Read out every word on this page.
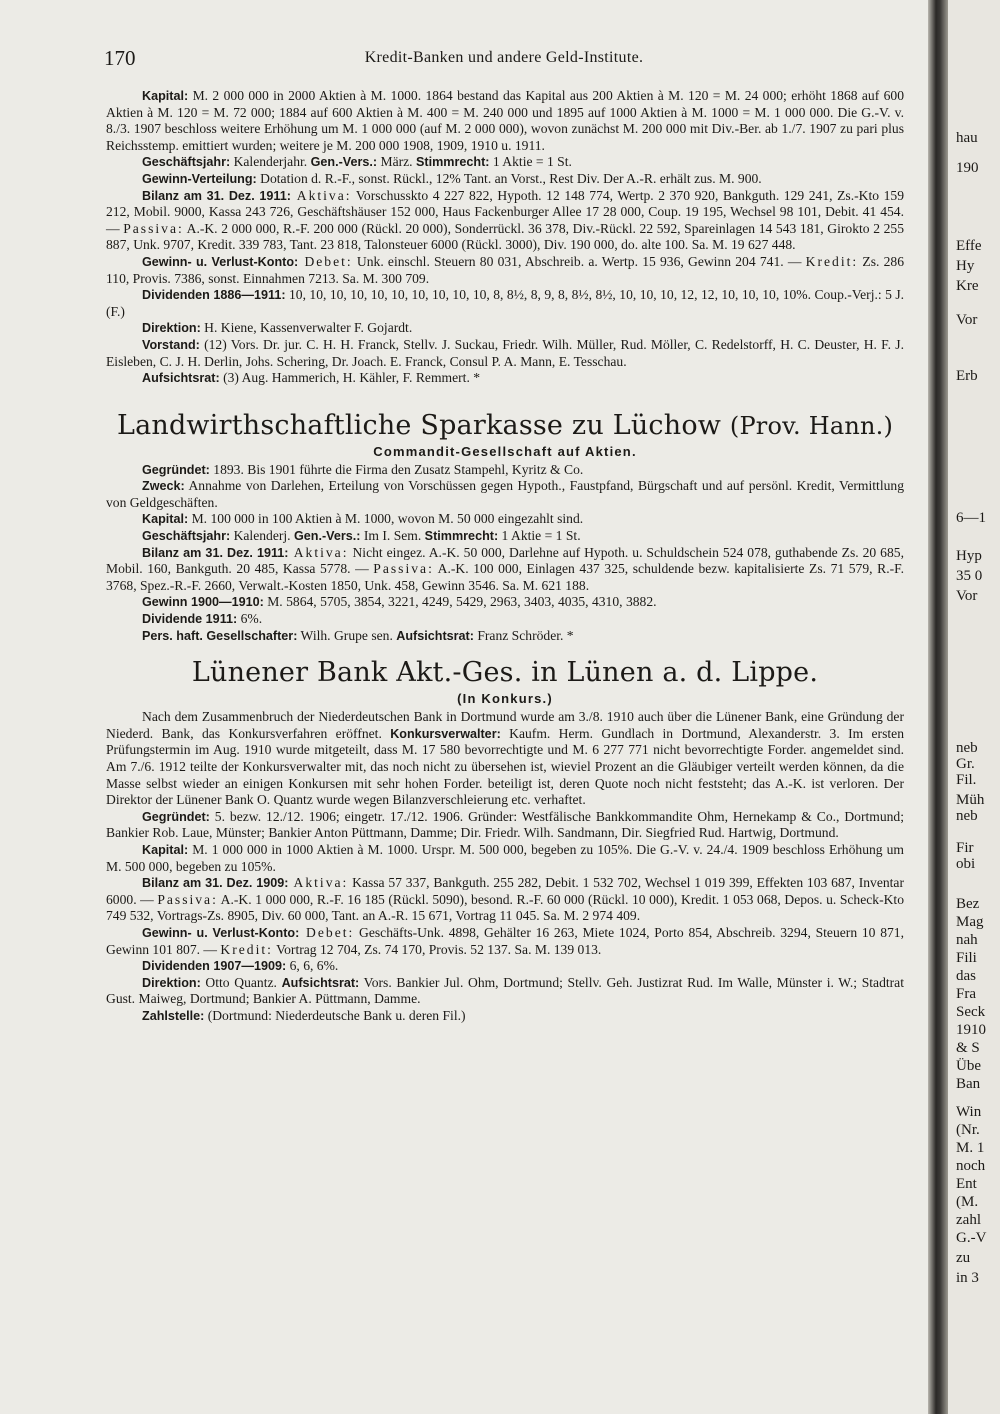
170	Kredit-Banken und andere Geld-Institute.

Kapital: M. 2 000 000 in 2000 Aktien à M. 1000. 1864 bestand das Kapital aus 200 Aktien à M. 120 = M. 24 000; erhöht 1868 auf 600 Aktien à M. 120 = M. 72 000; 1884 auf 600 Aktien à M. 400 = M. 240 000 und 1895 auf 1000 Aktien à M. 1000 = M. 1 000 000. Die G.-V. v. 8./3. 1907 beschloss weitere Erhöhung um M. 1 000 000 (auf M. 2 000 000), wovon zunächst M. 200 000 mit Div.-Ber. ab 1./7. 1907 zu pari plus Reichsstemp. emittiert wurden; weitere je M. 200 000 1908, 1909, 1910 u. 1911.

Geschäftsjahr: Kalenderjahr. Gen.-Vers.: März. Stimmrecht: 1 Aktie = 1 St.

Gewinn-Verteilung: Dotation d. R.-F., sonst. Rückl., 12% Tant. an Vorst., Rest Div. Der A.-R. erhält zus. M. 900.

Bilanz am 31. Dez. 1911: Aktiva: Vorschusskto 4 227 822, Hypoth. 12 148 774, Wertp. 2 370 920, Bankguth. 129 241, Zs.-Kto 159 212, Mobil. 9000, Kassa 243 726, Geschäftshäuser 152 000, Haus Fackenburger Allee 17 28 000, Coup. 19 195, Wechsel 98 101, Debit. 41 454. — Passiva: A.-K. 2 000 000, R.-F. 200 000 (Rückl. 20 000), Sonderrückl. 36 378, Div.-Rückl. 22 592, Spareinlagen 14 543 181, Girokto 2 255 887, Unk. 9707, Kredit. 339 783, Tant. 23 818, Talonsteuer 6000 (Rückl. 3000), Div. 190 000, do. alte 100. Sa. M. 19 627 448.

Gewinn- u. Verlust-Konto: Debet: Unk. einschl. Steuern 80 031, Abschreib. a. Wertp. 15 936, Gewinn 204 741. — Kredit: Zs. 286 110, Provis. 7386, sonst. Einnahmen 7213. Sa. M. 300 709.

Dividenden 1886—1911: 10, 10, 10, 10, 10, 10, 10, 10, 10, 10, 8, 8½, 8, 9, 8, 8½, 8½, 10, 10, 10, 12, 12, 10, 10, 10, 10%. Coup.-Verj.: 5 J. (F.)

Direktion: H. Kiene, Kassenverwalter F. Gojardt.

Vorstand: (12) Vors. Dr. jur. C. H. H. Franck, Stellv. J. Suckau, Friedr. Wilh. Müller, Rud. Möller, C. Redelstorff, H. C. Deuster, H. F. J. Eisleben, C. J. H. Derlin, Johs. Schering, Dr. Joach. E. Franck, Consul P. A. Mann, E. Tesschau.

Aufsichtsrat: (3) Aug. Hammerich, H. Kähler, F. Remmert. *

Landwirthschaftliche Sparkasse zu Lüchow (Prov. Hann.)
Commandit-Gesellschaft auf Aktien.

Gegründet: 1893. Bis 1901 führte die Firma den Zusatz Stampehl, Kyritz & Co.

Zweck: Annahme von Darlehen, Erteilung von Vorschüssen gegen Hypoth., Faustpfand, Bürgschaft und auf persönl. Kredit, Vermittlung von Geldgeschäften.

Kapital: M. 100 000 in 100 Aktien à M. 1000, wovon M. 50 000 eingezahlt sind.

Geschäftsjahr: Kalenderj. Gen.-Vers.: Im I. Sem. Stimmrecht: 1 Aktie = 1 St.

Bilanz am 31. Dez. 1911: Aktiva: Nicht eingez. A.-K. 50 000, Darlehne auf Hypoth. u. Schuldschein 524 078, guthabende Zs. 20 685, Mobil. 160, Bankguth. 20 485, Kassa 5778. — Passiva: A.-K. 100 000, Einlagen 437 325, schuldende bezw. kapitalisierte Zs. 71 579, R.-F. 3768, Spez.-R.-F. 2660, Verwalt.-Kosten 1850, Unk. 458, Gewinn 3546. Sa. M. 621 188.

Gewinn 1900—1910: M. 5864, 5705, 3854, 3221, 4249, 5429, 2963, 3403, 4035, 4310, 3882.

Dividende 1911: 6%.

Pers. haft. Gesellschafter: Wilh. Grupe sen. Aufsichtsrat: Franz Schröder. *

Lünener Bank Akt.-Ges. in Lünen a. d. Lippe.
(In Konkurs.)

Nach dem Zusammenbruch der Niederdeutschen Bank in Dortmund wurde am 3./8. 1910 auch über die Lünener Bank, eine Gründung der Niederd. Bank, das Konkursverfahren eröffnet. Konkursverwalter: Kaufm. Herm. Gundlach in Dortmund, Alexanderstr. 3. Im ersten Prüfungstermin im Aug. 1910 wurde mitgeteilt, dass M. 17 580 bevorrechtigte und M. 6 277 771 nicht bevorrechtigte Forder. angemeldet sind. Am 7./6. 1912 teilte der Konkursverwalter mit, das noch nicht zu übersehen ist, wieviel Prozent an die Gläubiger verteilt werden können, da die Masse selbst wieder an einigen Konkursen mit sehr hohen Forder. beteiligt ist, deren Quote noch nicht feststeht; das A.-K. ist verloren. Der Direktor der Lünener Bank O. Quantz wurde wegen Bilanzverschleierung etc. verhaftet.

Gegründet: 5. bezw. 12./12. 1906; eingetr. 17./12. 1906. Gründer: Westfälische Bankkommandite Ohm, Hernekamp & Co., Dortmund; Bankier Rob. Laue, Münster; Bankier Anton Püttmann, Damme; Dir. Friedr. Wilh. Sandmann, Dir. Siegfried Rud. Hartwig, Dortmund.

Kapital: M. 1 000 000 in 1000 Aktien à M. 1000. Urspr. M. 500 000, begeben zu 105%. Die G.-V. v. 24./4. 1909 beschloss Erhöhung um M. 500 000, begeben zu 105%.

Bilanz am 31. Dez. 1909: Aktiva: Kassa 57 337, Bankguth. 255 282, Debit. 1 532 702, Wechsel 1 019 399, Effekten 103 687, Inventar 6000. — Passiva: A.-K. 1 000 000, R.-F. 16 185 (Rückl. 5090), besond. R.-F. 60 000 (Rückl. 10 000), Kredit. 1 053 068, Depos. u. Scheck-Kto 749 532, Vortrags-Zs. 8905, Div. 60 000, Tant. an A.-R. 15 671, Vortrag 11 045. Sa. M. 2 974 409.

Gewinn- u. Verlust-Konto: Debet: Geschäfts-Unk. 4898, Gehälter 16 263, Miete 1024, Porto 854, Abschreib. 3294, Steuern 10 871, Gewinn 101 807. — Kredit: Vortrag 12 704, Zs. 74 170, Provis. 52 137. Sa. M. 139 013.

Dividenden 1907—1909: 6, 6, 6%.

Direktion: Otto Quantz. Aufsichtsrat: Vors. Bankier Jul. Ohm, Dortmund; Stellv. Geh. Justizrat Rud. Im Walle, Münster i. W.; Stadtrat Gust. Maiweg, Dortmund; Bankier A. Püttmann, Damme.

Zahlstelle: (Dortmund: Niederdeutsche Bank u. deren Fil.)

hau
190
Effe
Hy
Kre
Vor
Erb
6—1
Hyp
35 0
Vor
neb
Gr.
Fil.
Müh
neb
Fir
obi
Bez
Mag
nah
Fili
das
Fra
Seck
1910
& S
Übe
Ban
Win
(Nr.
M. 1
noch
Ent
(M.
zahl
G.-V
zu
in 3
